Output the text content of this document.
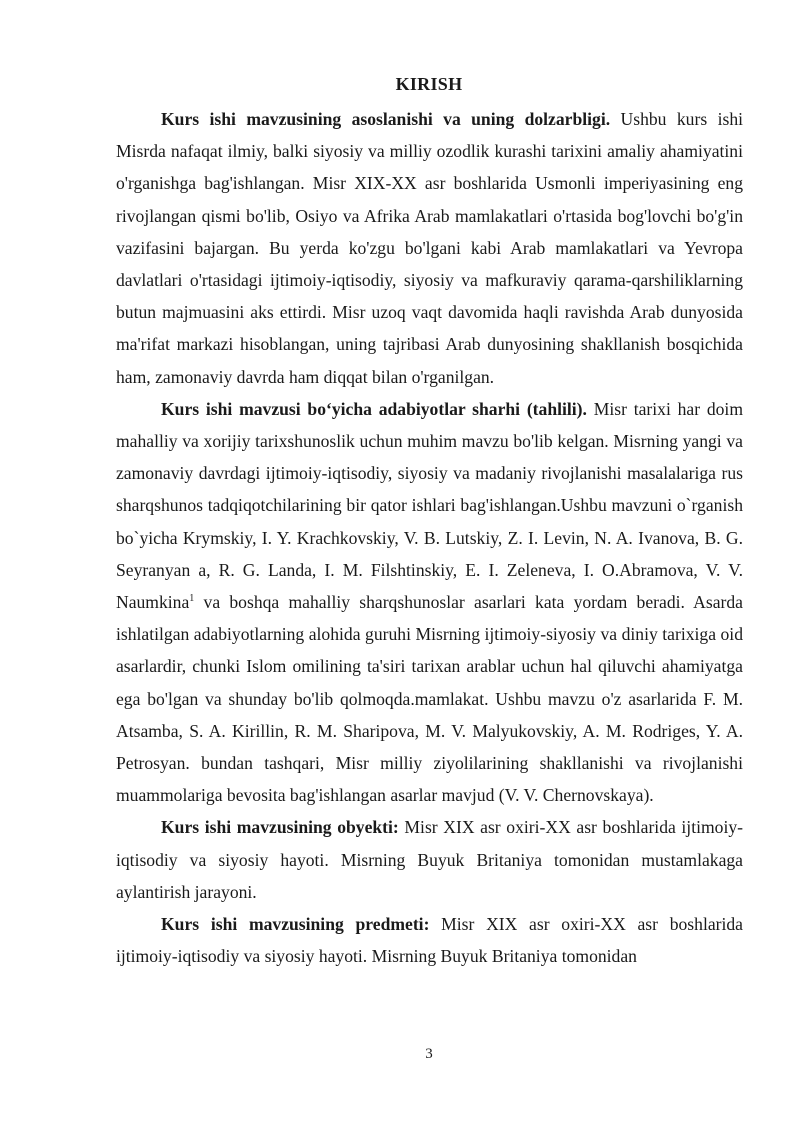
KIRISH

Kurs ishi mavzusining asoslanishi va uning dolzarbligi. Ushbu kurs ishi Misrda nafaqat ilmiy, balki siyosiy va milliy ozodlik kurashi tarixini amaliy ahamiyatini o'rganishga bag'ishlangan. Misr XIX-XX asr boshlarida Usmonli imperiyasining eng rivojlangan qismi bo'lib, Osiyo va Afrika Arab mamlakatlari o'rtasida bog'lovchi bo'g'in vazifasini bajargan. Bu yerda ko'zgu bo'lgani kabi Arab mamlakatlari va Yevropa davlatlari o'rtasidagi ijtimoiy-iqtisodiy, siyosiy va mafkuraviy qarama-qarshiliklarning butun majmuasini aks ettirdi. Misr uzoq vaqt davomida haqli ravishda Arab dunyosida ma'rifat markazi hisoblangan, uning tajribasi Arab dunyosining shakllanish bosqichida ham, zamonaviy davrda ham diqqat bilan o'rganilgan.

Kurs ishi mavzusi bo‘yicha adabiyotlar sharhi (tahlili). Misr tarixi har doim mahalliy va xorijiy tarixshunoslik uchun muhim mavzu bo'lib kelgan. Misrning yangi va zamonaviy davrdagi ijtimoiy-iqtisodiy, siyosiy va madaniy rivojlanishi masalalariga rus sharqshunos tadqiqotchilarining bir qator ishlari bag'ishlangan.Ushbu mavzuni o`rganish bo`yicha Krymskiy, I. Y. Krachkovskiy, V. B. Lutskiy, Z. I. Levin, N. A. Ivanova, B. G. Seyranyan a, R. G. Landa, I. M. Filshtinskiy, E. I. Zeleneva, I. O.Abramova, V. V. Naumkina$^1$ va boshqa mahalliy sharqshunoslar asarlari kata yordam beradi. Asarda ishlatilgan adabiyotlarning alohida guruhi Misrning ijtimoiy-siyosiy va diniy tarixiga oid asarlardir, chunki Islom omilining ta'siri tarixan arablar uchun hal qiluvchi ahamiyatga ega bo'lgan va shunday bo'lib qolmoqda.mamlakat. Ushbu mavzu o'z asarlarida F. M. Atsamba, S. A. Kirillin, R. M. Sharipova, M. V. Malyukovskiy, A. M. Rodriges, Y. A. Petrosyan. bundan tashqari, Misr milliy ziyolilarining shakllanishi va rivojlanishi muammolariga bevosita bag'ishlangan asarlar mavjud (V. V. Chernovskaya).

Kurs ishi mavzusining obyekti: Misr XIX asr oxiri-XX asr boshlarida ijtimoiy-iqtisodiy va siyosiy hayoti. Misrning Buyuk Britaniya tomonidan mustamlakaga aylantirish jarayoni.

Kurs ishi mavzusining predmeti: Misr XIX asr oxiri-XX asr boshlarida ijtimoiy-iqtisodiy va siyosiy hayoti. Misrning Buyuk Britaniya tomonidan

3
